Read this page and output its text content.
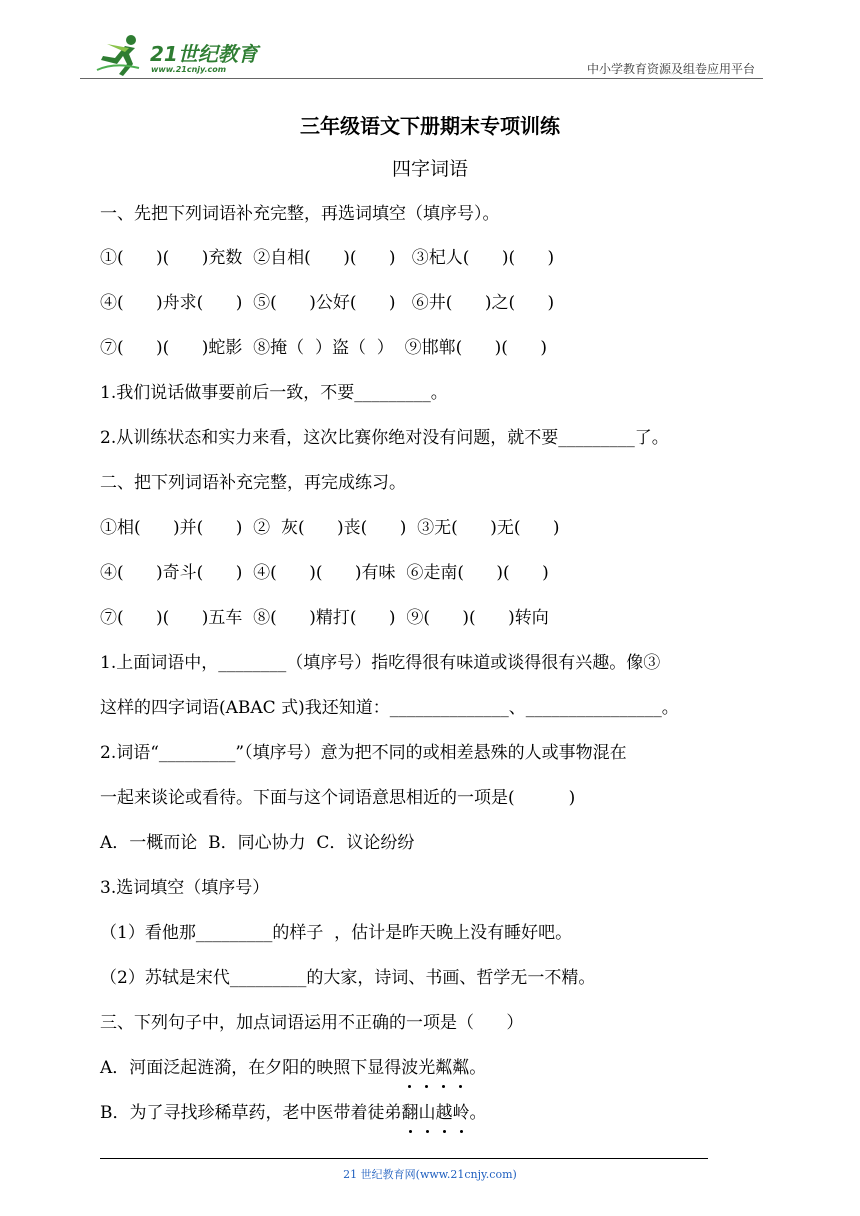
21世纪教育
www.21cnjy.com	中小学教育资源及组卷应用平台
三年级语文下册期末专项训练
四字词语
一、先把下列词语补充完整，再选词填空（填序号）。
①(      )(      )充数  ②自相(      )(      )   ③杞人(      )(      )
④(      )舟求(      )  ⑤(      )公好(      )   ⑥井(      )之(      )
⑦(      )(      )蛇影  ⑧掩（  ）盗（  ）  ⑨邯郸(      )(      )
1.我们说话做事要前后一致，不要_________。
2.从训练状态和实力来看，这次比赛你绝对没有问题，就不要_________了。
二、把下列词语补充完整，再完成练习。
①相(      )并(      )  ②  灰(      )丧(      )  ③无(      )无(      )
④(      )奇斗(      )  ④(      )(      )有味  ⑥走南(      )(      )
⑦(      )(      )五车  ⑧(      )精打(      )  ⑨(      )(      )转向
1.上面词语中，________（填序号）指吃得很有味道或谈得很有兴趣。像③
这样的四字词语(ABAC 式)我还知道：______________、________________。
2.词语“_________”（填序号）意为把不同的或相差悬殊的人或事物混在
一起来谈论或看待。下面与这个词语意思相近的一项是(          )
A．一概而论  B．同心协力  C．议论纷纷
3.选词填空（填序号）
（1）看他那_________的样子  ，估计是昨天晚上没有睡好吧。
（2）苏轼是宋代_________的大家，诗词、书画、哲学无一不精。
三、下列句子中，加点词语运用不正确的一项是（      ）
A．河面泛起涟漪，在夕阳的映照下显得波光粼粼。
B．为了寻找珍稀草药，老中医带着徒弟翻山越岭。
21 世纪教育网(www.21cnjy.com)
